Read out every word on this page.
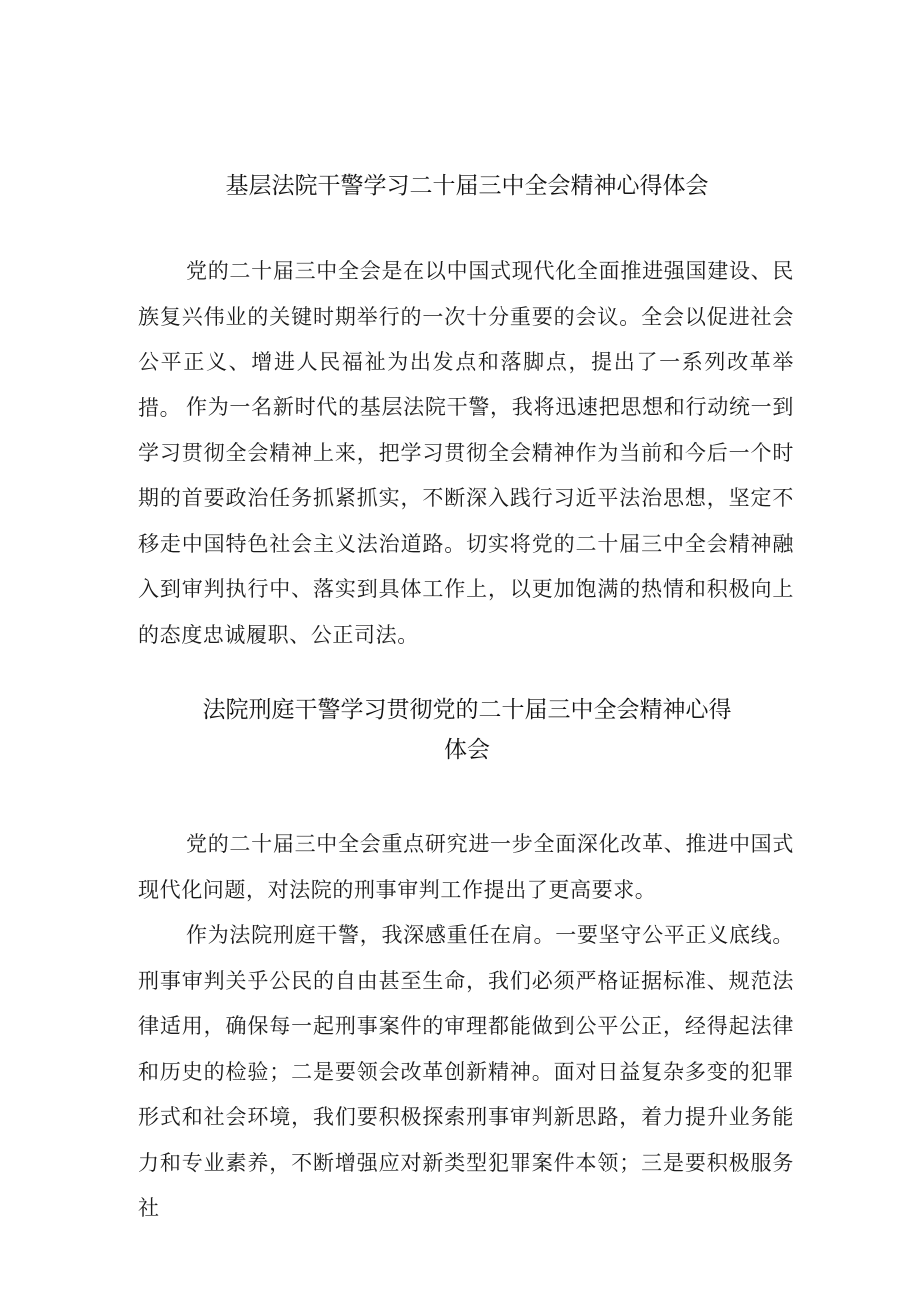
基层法院干警学习二十届三中全会精神心得体会

党的二十届三中全会是在以中国式现代化全面推进强国建设、民族复兴伟业的关键时期举行的一次十分重要的会议。全会以促进社会公平正义、增进人民福祉为出发点和落脚点，提出了一系列改革举措。 作为一名新时代的基层法院干警，我将迅速把思想和行动统一到学习贯彻全会精神上来，把学习贯彻全会精神作为当前和今后一个时期的首要政治任务抓紧抓实，不断深入践行习近平法治思想，坚定不移走中国特色社会主义法治道路。切实将党的二十届三中全会精神融入到审判执行中、落实到具体工作上，以更加饱满的热情和积极向上的态度忠诚履职、公正司法。

法院刑庭干警学习贯彻党的二十届三中全会精神心得
体会

党的二十届三中全会重点研究进一步全面深化改革、推进中国式现代化问题，对法院的刑事审判工作提出了更高要求。

作为法院刑庭干警，我深感重任在肩。一要坚守公平正义底线。刑事审判关乎公民的自由甚至生命，我们必须严格证据标准、规范法律适用，确保每一起刑事案件的审理都能做到公平公正，经得起法律和历史的检验；二是要领会改革创新精神。面对日益复杂多变的犯罪形式和社会环境，我们要积极探索刑事审判新思路，着力提升业务能力和专业素养，不断增强应对新类型犯罪案件本领；三是要积极服务社
